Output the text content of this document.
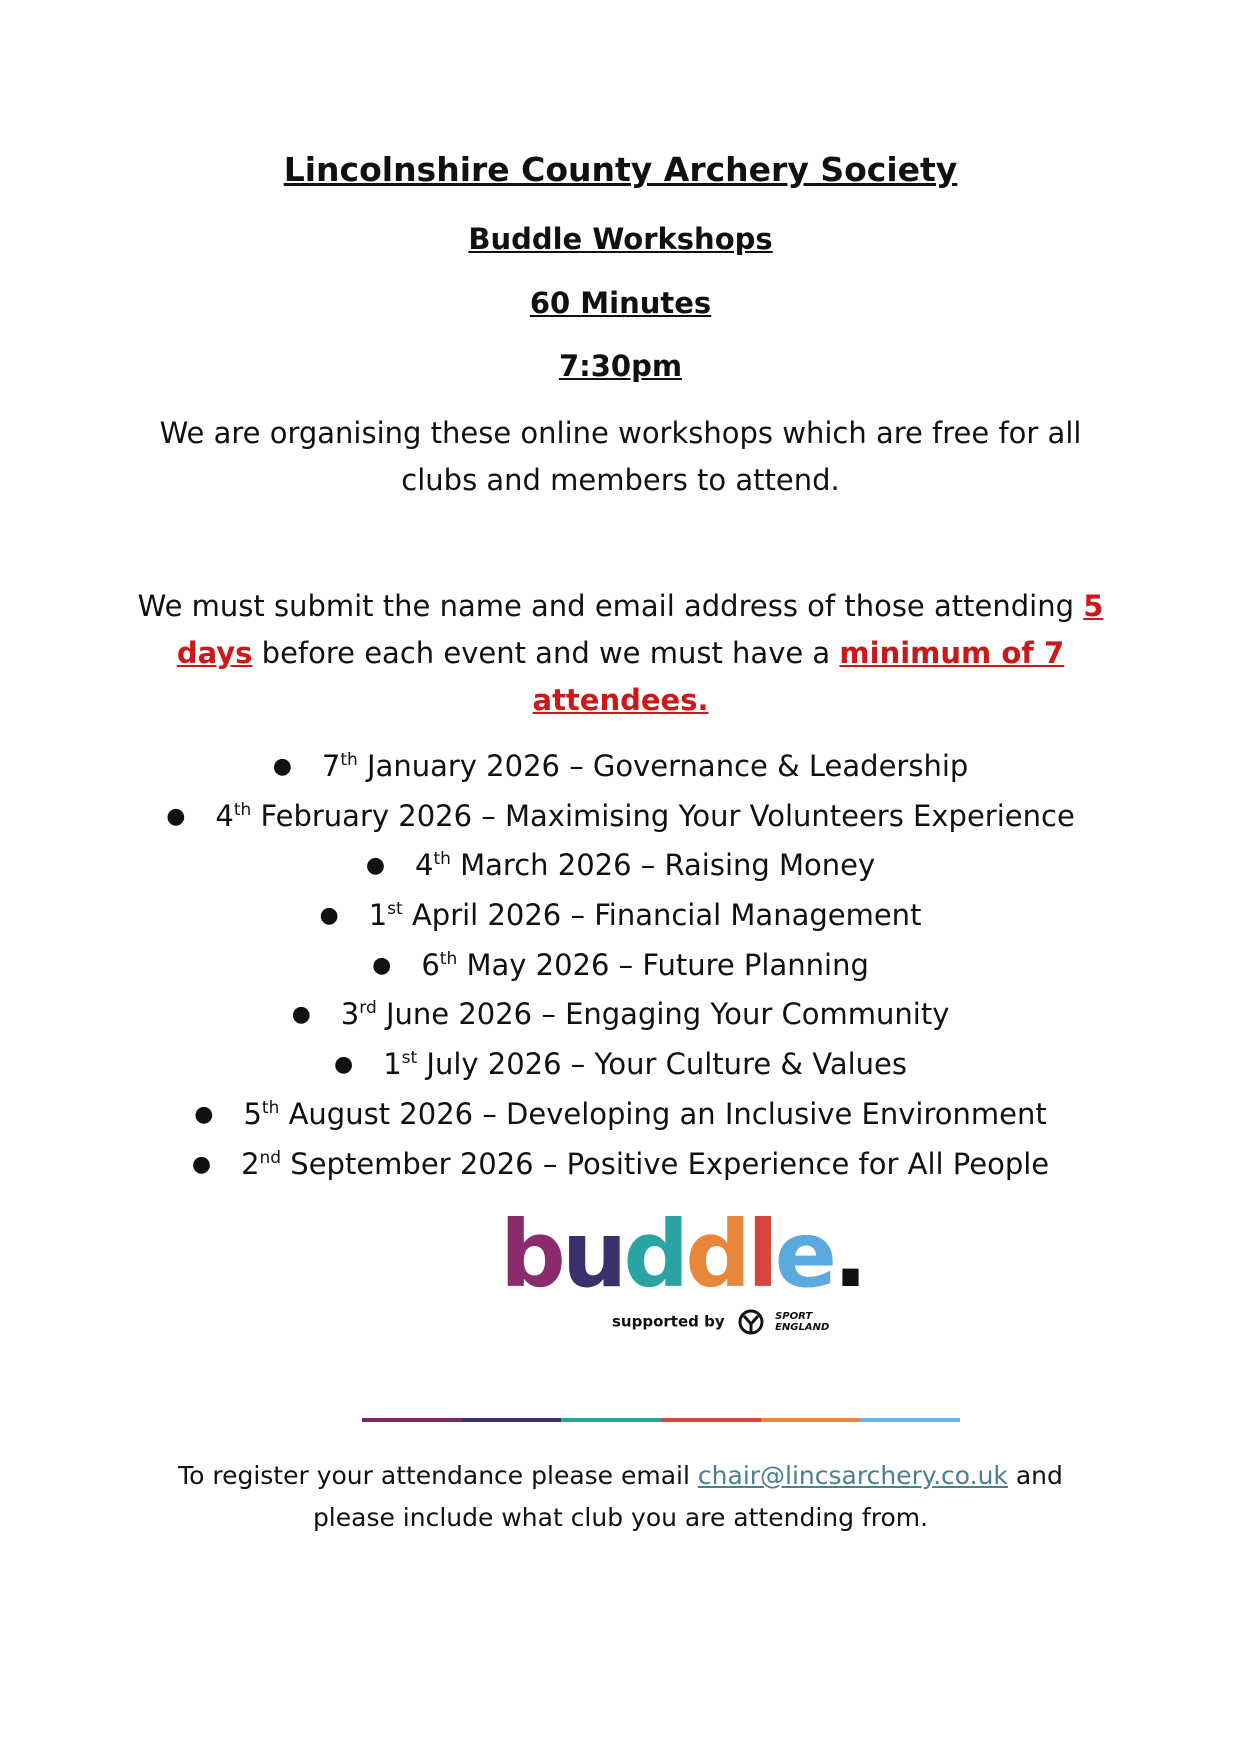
Lincolnshire County Archery Society
Buddle Workshops
60 Minutes
7:30pm
We are organising these online workshops which are free for all clubs and members to attend.
We must submit the name and email address of those attending 5 days before each event and we must have a minimum of 7 attendees.
● 7th January 2026 – Governance & Leadership
● 4th February 2026 – Maximising Your Volunteers Experience
● 4th March 2026 – Raising Money
● 1st April 2026 – Financial Management
● 6th May 2026 – Future Planning
● 3rd June 2026 – Engaging Your Community
● 1st July 2026 – Your Culture & Values
● 5th August 2026 – Developing an Inclusive Environment
● 2nd September 2026 – Positive Experience for All People
buddle.
supported by	SPORT
ENGLAND
To register your attendance please email chair@lincsarchery.co.uk and please include what club you are attending from.
